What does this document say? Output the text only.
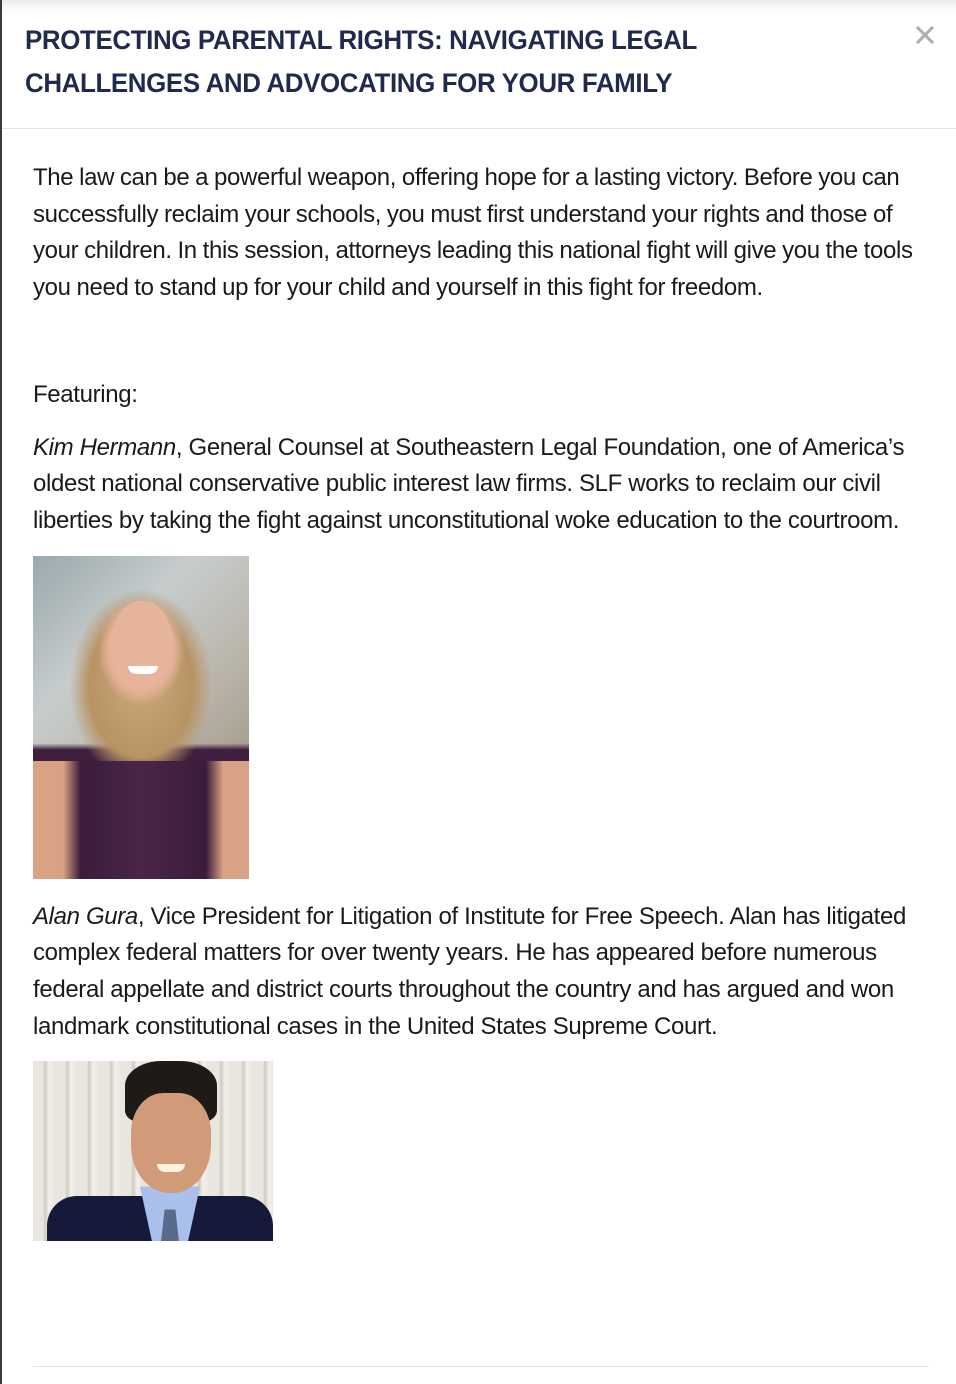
PROTECTING PARENTAL RIGHTS: NAVIGATING LEGAL CHALLENGES AND ADVOCATING FOR YOUR FAMILY

The law can be a powerful weapon, offering hope for a lasting victory. Before you can successfully reclaim your schools, you must first understand your rights and those of your children. In this session, attorneys leading this national fight will give you the tools you need to stand up for your child and yourself in this fight for freedom.

Featuring:

Kim Hermann, General Counsel at Southeastern Legal Foundation, one of America’s oldest national conservative public interest law firms. SLF works to reclaim our civil liberties by taking the fight against unconstitutional woke education to the courtroom.

Alan Gura, Vice President for Litigation of Institute for Free Speech. Alan has litigated complex federal matters for over twenty years. He has appeared before numerous federal appellate and district courts throughout the country and has argued and won landmark constitutional cases in the United States Supreme Court.
